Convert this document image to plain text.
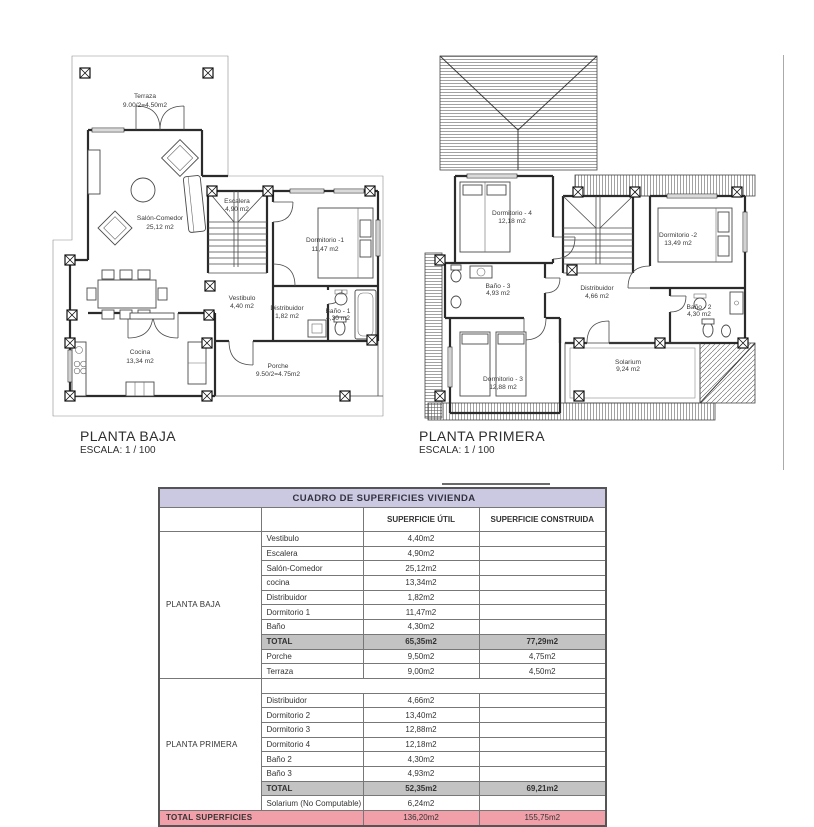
Terraza
9.00/2=4.50m2
Salón-Comedor
25,12 m2
Escalera
4,90 m2
Dormitorio -1
11,47 m2
Vestibulo
4,40 m2 Distribuidor
1,82 m2
Baño - 1
4,30 m2
Cocina
13,34 m2
Porche
9.50/2=4.75m2
Dormitorio - 4
12,18 m2
Dormitorio -2
13,49 m2
Baño - 3
4,93 m2
Distribuidor
4,66 m2
Baño - 2
4,30 m2
Dormitorio - 3
12,88 m2
Solarium
9,24 m2
PLANTA BAJA
ESCALA: 1 / 100
PLANTA PRIMERA
ESCALA: 1 / 100
CUADRO DE SUPERFICIES VIVIENDA			
		SUPERFICIE ÚTIL	SUPERFICIE CONSTRUIDA
PLANTA BAJA	Vestibulo	4,40m2	
	Escalera	4,90m2	
	Salón-Comedor	25,12m2	
	cocina	13,34m2	
	Distribuidor	1,82m2	
	Dormitorio 1	11,47m2	
	Baño	4,30m2	
	TOTAL	65,35m2	77,29m2
	Porche	9,50m2	4,75m2
	Terraza	9,00m2	4,50m2
PLANTA PRIMERA			
	Distribuidor	4,66m2	
	Dormitorio 2	13,40m2	
	Dormitorio 3	12,88m2	
	Dormitorio 4	12,18m2	
	Baño 2	4,30m2	
	Baño 3	4,93m2	
	TOTAL	52,35m2	69,21m2
	Solarium (No Computable)	6,24m2	
TOTAL SUPERFICIES		136,20m2	155,75m2
